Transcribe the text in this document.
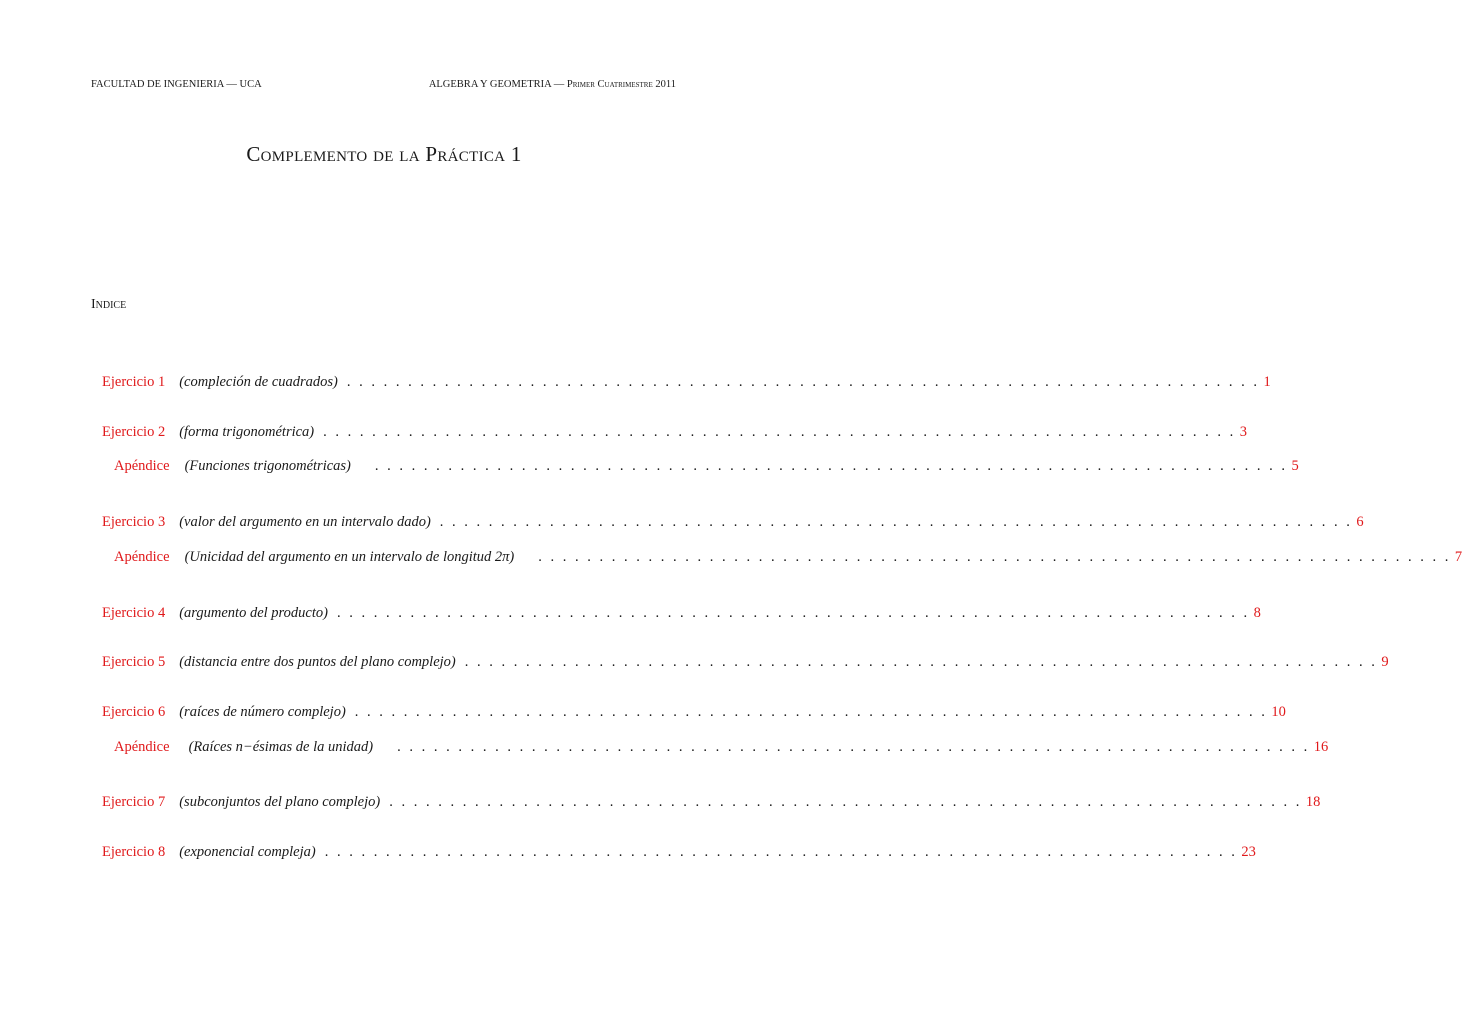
FACULTAD DE INGENIERIA — UCA	ALGEBRA Y GEOMETRIA — Primer Cuatrimestre 2011
Complemento de la Práctica 1
Indice
Ejercicio 1 (compleción de cuadrados) . . . . . . . . . . . . . . . . . . . . . . . . . . . . . . . . . . . . . . . . . . . . . . . . . . . . . . . . . . . . . . . . . . . . . . . . . . . 1
Ejercicio 2 (forma trigonométrica) . . . . . . . . . . . . . . . . . . . . . . . . . . . . . . . . . . . . . . . . . . . . . . . . . . . . . . . . . . . . . . . . . . . . . . . . . . . 3
Apéndice (Funciones trigonométricas) . . . . . . . . . . . . . . . . . . . . . . . . . . . . . . . . . . . . . . . . . . . . . . . . . . . . . . . . . . . . . . . . . . . . . . . . . . . 5
Ejercicio 3 (valor del argumento en un intervalo dado) . . . . . . . . . . . . . . . . . . . . . . . . . . . . . . . . . . . . . . . . . . . . . . . . . . . . . . . . . . . . . . . . . . . . . . . . . . . 6
Apéndice (Unicidad del argumento en un intervalo de longitud 2π) . . . . . . . . . . . . . . . . . . . . . . . . . . . . . . . . . . . . . . . . . . . . . . . . . . . . . . . . . . . . . . . . . . . . . . . . . . . 7
Ejercicio 4 (argumento del producto) . . . . . . . . . . . . . . . . . . . . . . . . . . . . . . . . . . . . . . . . . . . . . . . . . . . . . . . . . . . . . . . . . . . . . . . . . . . 8
Ejercicio 5 (distancia entre dos puntos del plano complejo) . . . . . . . . . . . . . . . . . . . . . . . . . . . . . . . . . . . . . . . . . . . . . . . . . . . . . . . . . . . . . . . . . . . . . . . . . . . 9
Ejercicio 6 (raíces de número complejo) . . . . . . . . . . . . . . . . . . . . . . . . . . . . . . . . . . . . . . . . . . . . . . . . . . . . . . . . . . . . . . . . . . . . . . . . . . . 10
Apéndice (Raíces n−ésimas de la unidad) . . . . . . . . . . . . . . . . . . . . . . . . . . . . . . . . . . . . . . . . . . . . . . . . . . . . . . . . . . . . . . . . . . . . . . . . . . . 16
Ejercicio 7 (subconjuntos del plano complejo) . . . . . . . . . . . . . . . . . . . . . . . . . . . . . . . . . . . . . . . . . . . . . . . . . . . . . . . . . . . . . . . . . . . . . . . . . . . 18
Ejercicio 8 (exponencial compleja) . . . . . . . . . . . . . . . . . . . . . . . . . . . . . . . . . . . . . . . . . . . . . . . . . . . . . . . . . . . . . . . . . . . . . . . . . . . 23
